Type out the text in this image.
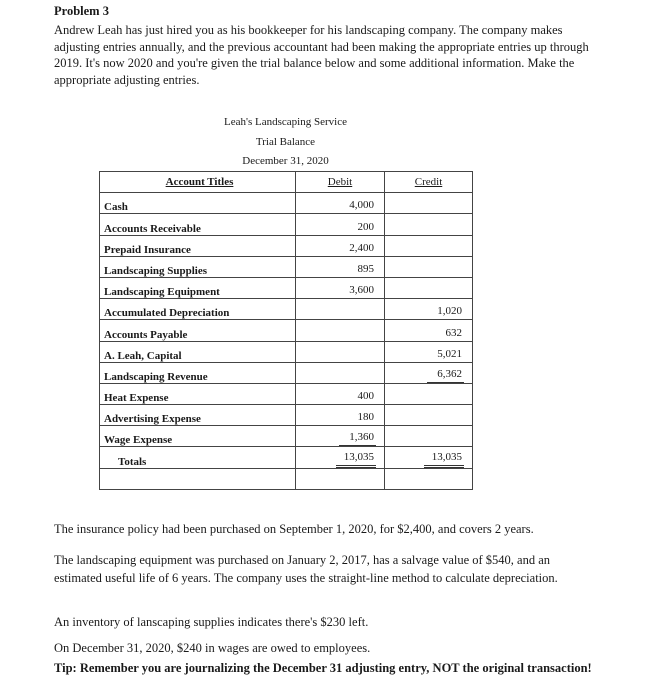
Problem 3
Andrew Leah has just hired you as his bookkeeper for his landscaping company. The company makes adjusting entries annually, and the previous accountant had been making the appropriate entries up through 2019. It's now 2020 and you're given the trial balance below and some additional information. Make the appropriate adjusting entries.
Leah's Landscaping Service
Trial Balance
December 31, 2020
Account Titles	Debit	Credit
Cash	4,000	
Accounts Receivable	200	
Prepaid Insurance	2,400	
Landscaping Supplies	895	
Landscaping Equipment	3,600	
Accumulated Depreciation		1,020
Accounts Payable		632
A. Leah, Capital		5,021
Landscaping Revenue		6,362
Heat Expense	400	
Advertising Expense	180	
Wage Expense	1,360	
Totals	13,035	13,035

The insurance policy had been purchased on September 1, 2020, for $2,400, and covers 2 years.
The landscaping equipment was purchased on January 2, 2017, has a salvage value of $540, and an estimated useful life of 6 years. The company uses the straight-line method to calculate depreciation.
An inventory of lanscaping supplies indicates there's $230 left.
On December 31, 2020, $240 in wages are owed to employees.
Tip: Remember you are journalizing the December 31 adjusting entry, NOT the original transaction!
